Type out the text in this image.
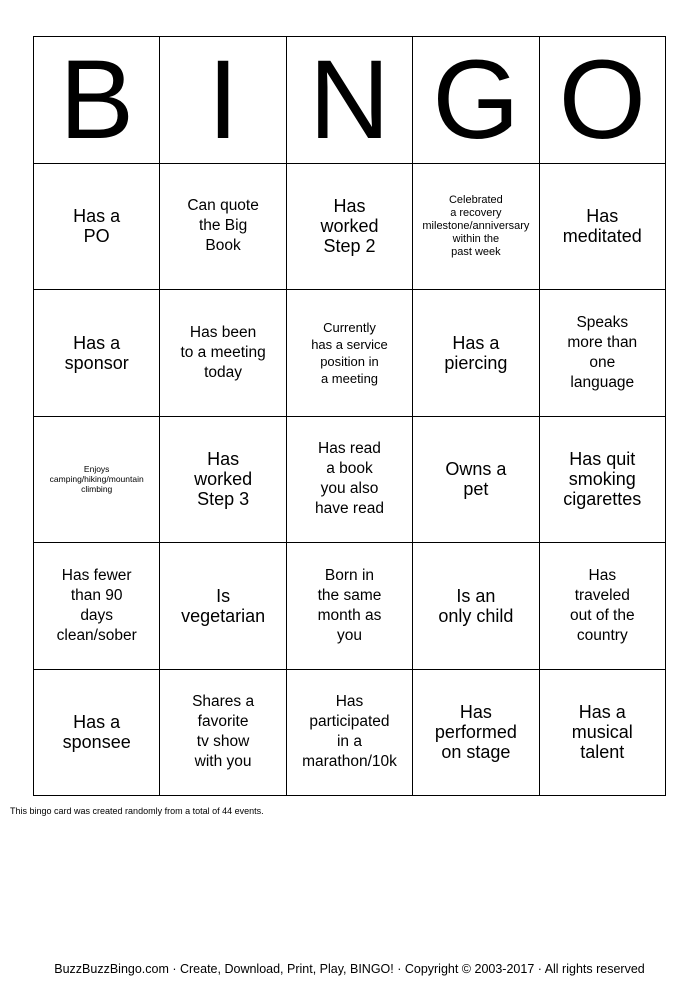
B I N G O
Has a
PO
Can quote
the Big
Book
Has
worked
Step 2
Celebrated
a recovery
milestone/anniversary
within the
past week
Has
meditated
Has a
sponsor
Has been
to a meeting
today
Currently
has a service
position in
a meeting
Has a
piercing
Speaks
more than
one
language
Enjoys
camping/hiking/mountain
climbing
Has
worked
Step 3
Has read
a book
you also
have read
Owns a
pet
Has quit
smoking
cigarettes
Has fewer
than 90
days
clean/sober
Is
vegetarian
Born in
the same
month as
you
Is an
only child
Has
traveled
out of the
country
Has a
sponsee
Shares a
favorite
tv show
with you
Has
participated
in a
marathon/10k
Has
performed
on stage
Has a
musical
talent
This bingo card was created randomly from a total of 44 events.
BuzzBuzzBingo.com · Create, Download, Print, Play, BINGO! · Copyright © 2003-2017 · All rights reserved
